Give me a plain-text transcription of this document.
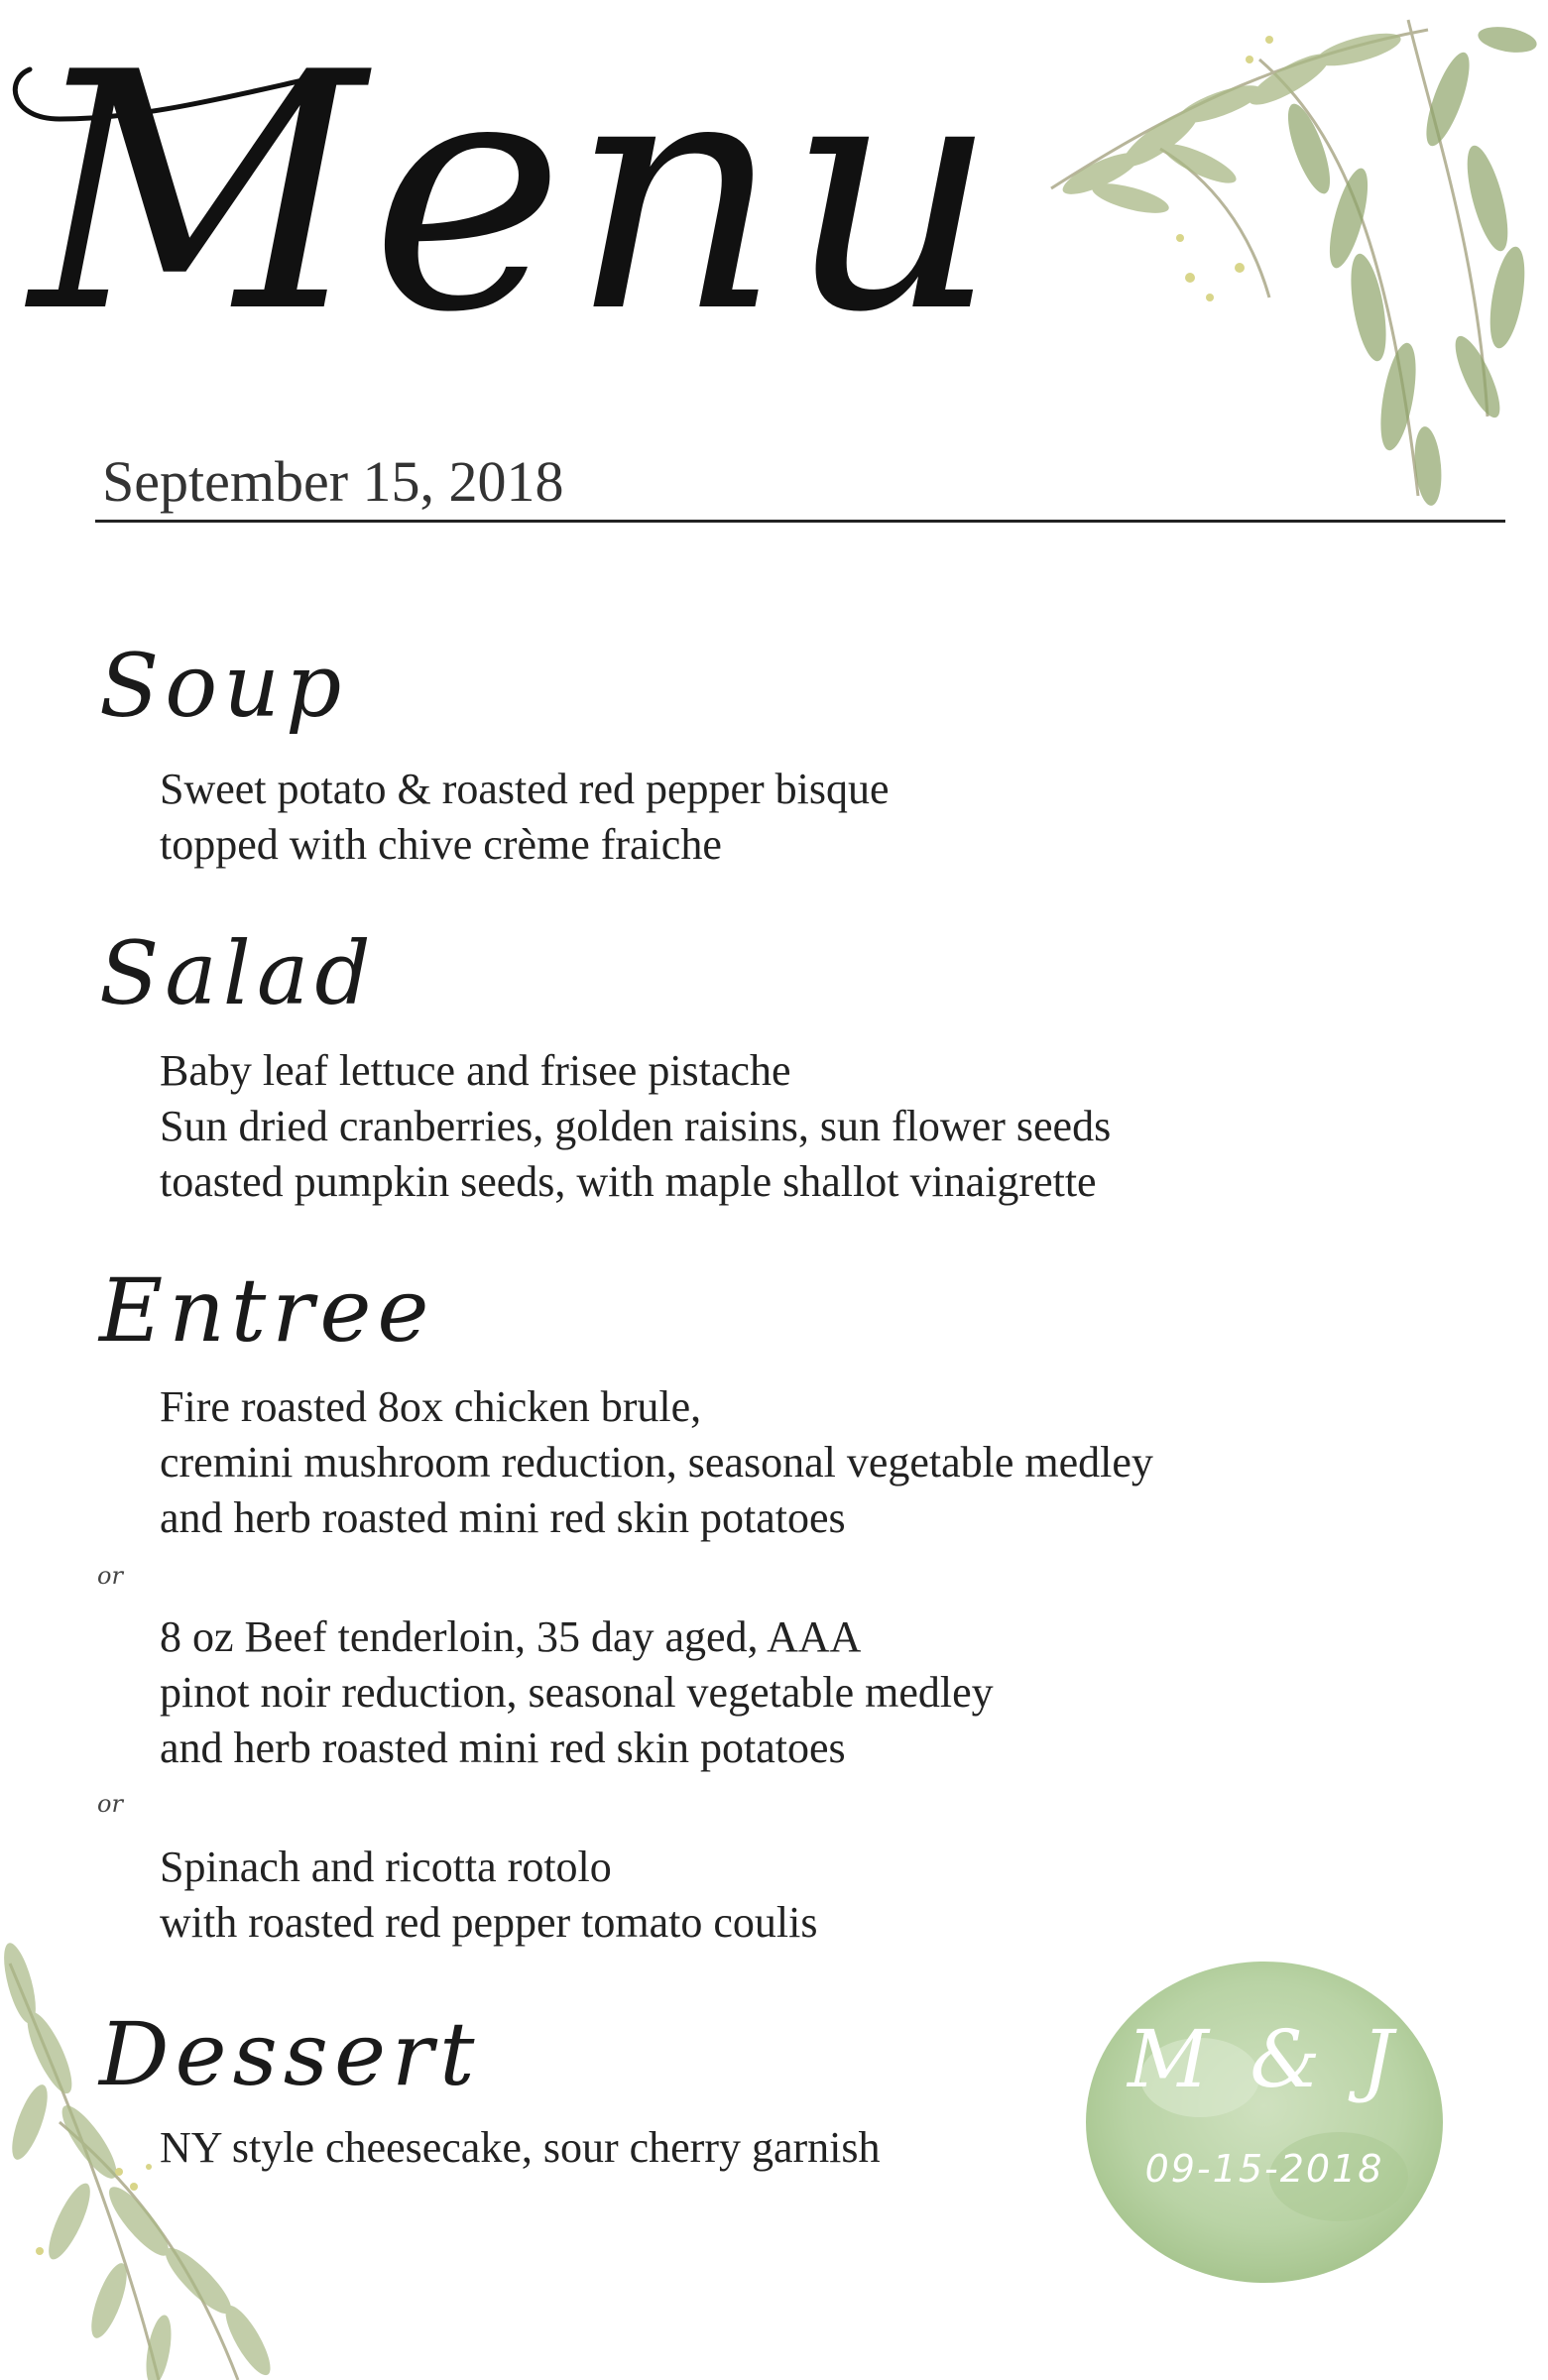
Menu
September 15, 2018
Soup
Sweet potato & roasted red pepper bisque
topped with chive crème fraiche
Salad
Baby leaf lettuce and frisee pistache
Sun dried cranberries, golden raisins, sun flower seeds
toasted pumpkin seeds, with maple shallot vinaigrette
Entree
Fire roasted 8ox chicken brule,
cremini mushroom reduction, seasonal vegetable medley
and herb roasted mini red skin potatoes
or
8 oz Beef tenderloin, 35 day aged, AAA
pinot noir reduction, seasonal vegetable medley
and herb roasted mini red skin potatoes
or
Spinach and ricotta rotolo
with roasted red pepper tomato coulis
Dessert
NY style cheesecake, sour cherry garnish
M & J
09-15-2018
